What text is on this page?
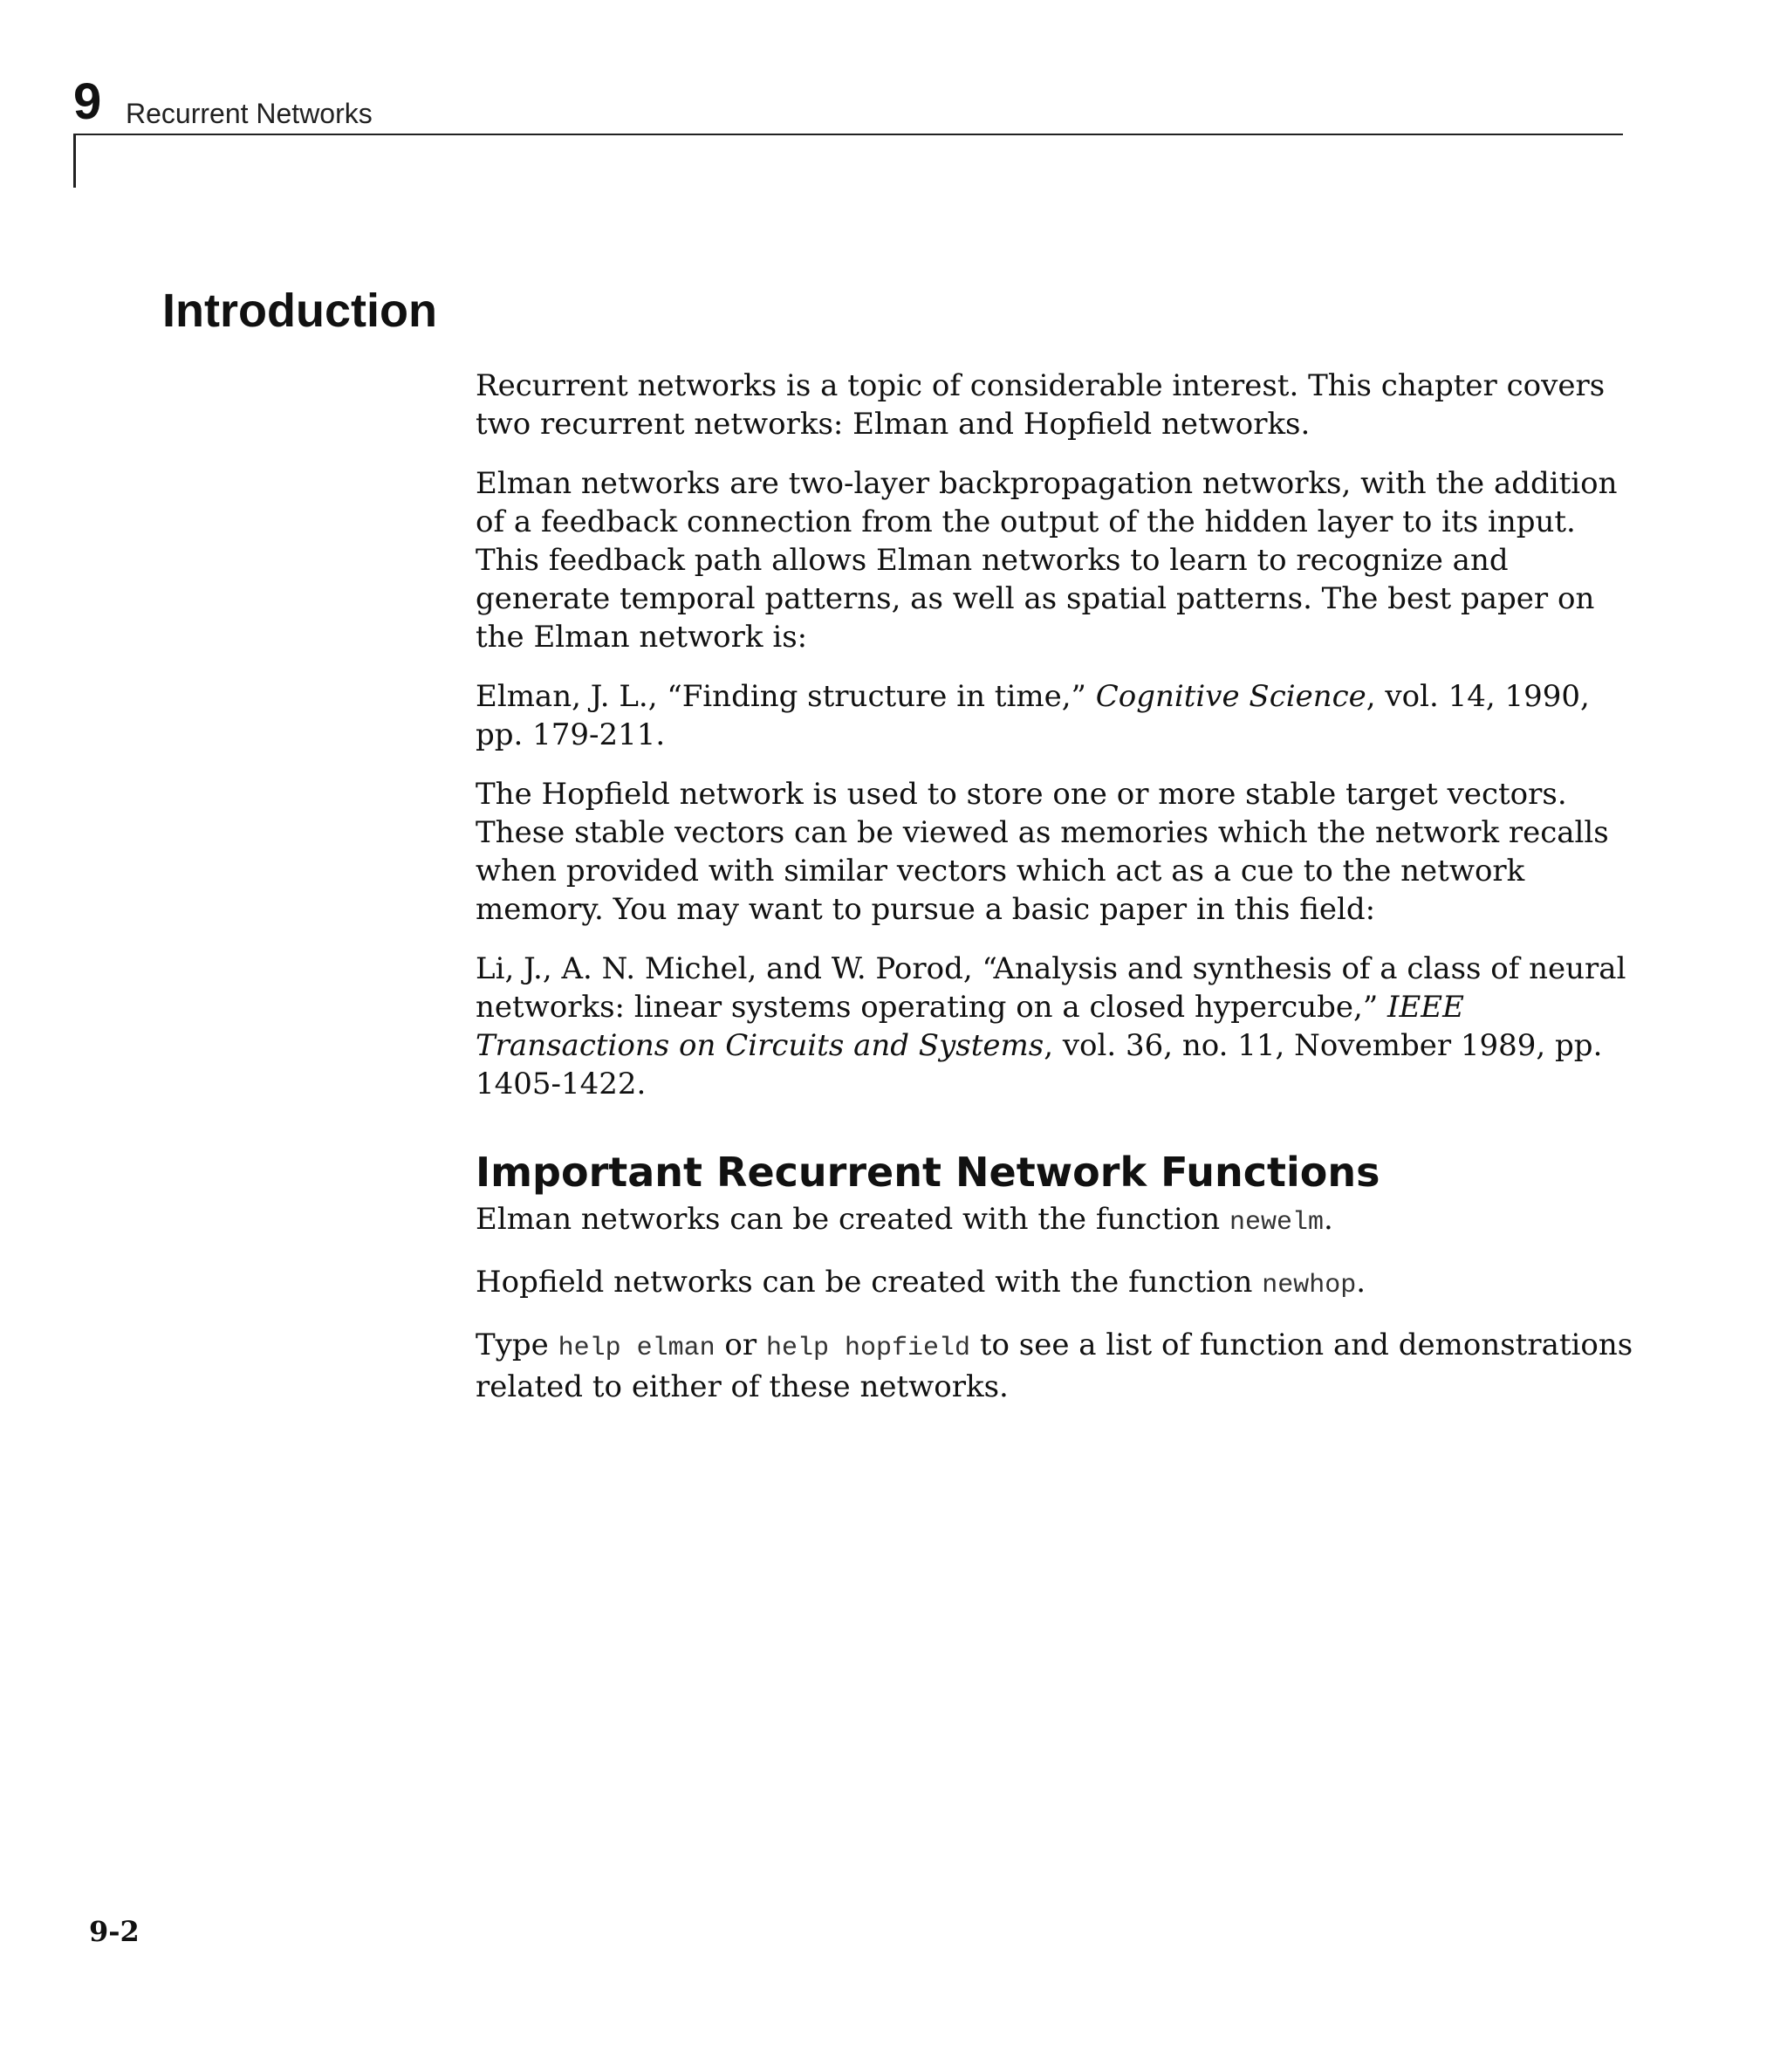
9 Recurrent Networks
Introduction

Recurrent networks is a topic of considerable interest. This chapter covers two recurrent networks: Elman and Hopfield networks.

Elman networks are two-layer backpropagation networks, with the addition of a feedback connection from the output of the hidden layer to its input. This feedback path allows Elman networks to learn to recognize and generate temporal patterns, as well as spatial patterns. The best paper on the Elman network is:

Elman, J. L., “Finding structure in time,” Cognitive Science, vol. 14, 1990, pp. 179-211.

The Hopfield network is used to store one or more stable target vectors. These stable vectors can be viewed as memories which the network recalls when provided with similar vectors which act as a cue to the network memory. You may want to pursue a basic paper in this field:

Li, J., A. N. Michel, and W. Porod, “Analysis and synthesis of a class of neural networks: linear systems operating on a closed hypercube,” IEEE Transactions on Circuits and Systems, vol. 36, no. 11, November 1989, pp. 1405-1422.

Important Recurrent Network Functions

Elman networks can be created with the function newelm.

Hopfield networks can be created with the function newhop.

Type help elman or help hopfield to see a list of function and demonstrations related to either of these networks.

9-2
